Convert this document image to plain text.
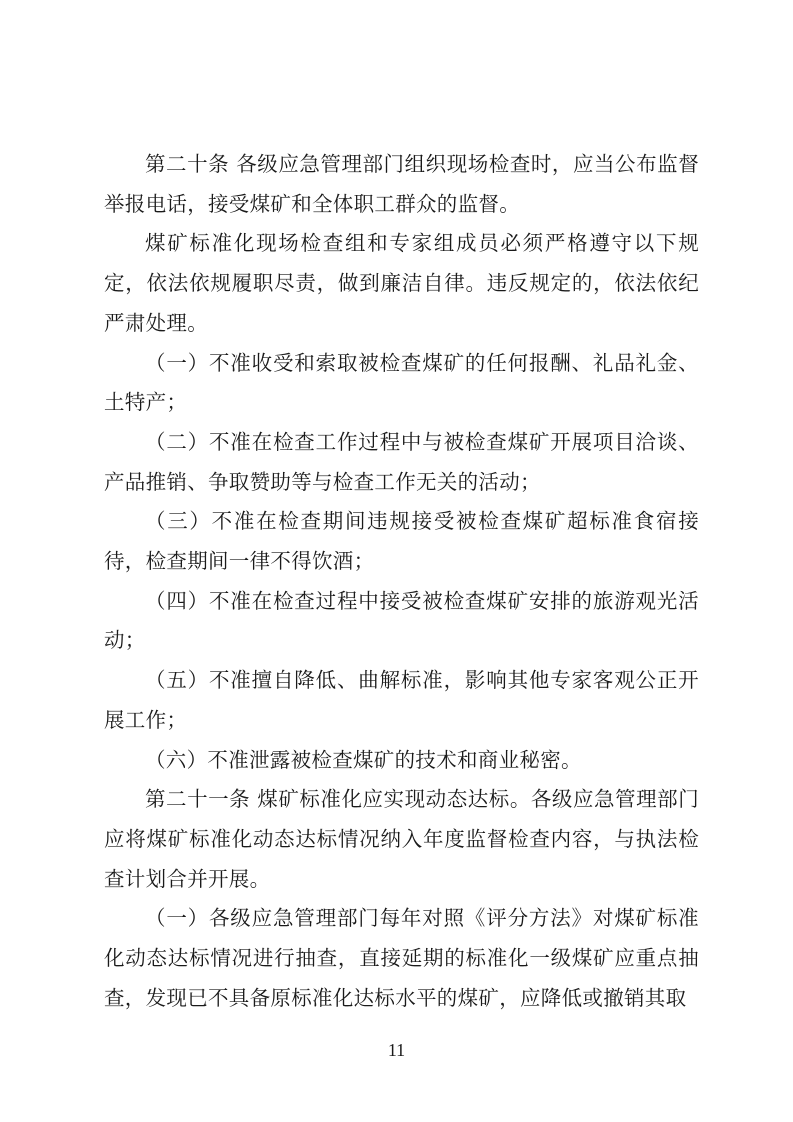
第二十条 各级应急管理部门组织现场检查时，应当公布监督举报电话，接受煤矿和全体职工群众的监督。

煤矿标准化现场检查组和专家组成员必须严格遵守以下规定，依法依规履职尽责，做到廉洁自律。违反规定的，依法依纪严肃处理。

（一）不准收受和索取被检查煤矿的任何报酬、礼品礼金、土特产；

（二）不准在检查工作过程中与被检查煤矿开展项目洽谈、产品推销、争取赞助等与检查工作无关的活动；

（三）不准在检查期间违规接受被检查煤矿超标准食宿接待，检查期间一律不得饮酒；

（四）不准在检查过程中接受被检查煤矿安排的旅游观光活动；

（五）不准擅自降低、曲解标准，影响其他专家客观公正开展工作；

（六）不准泄露被检查煤矿的技术和商业秘密。

第二十一条 煤矿标准化应实现动态达标。各级应急管理部门应将煤矿标准化动态达标情况纳入年度监督检查内容，与执法检查计划合并开展。

（一）各级应急管理部门每年对照《评分方法》对煤矿标准化动态达标情况进行抽查，直接延期的标准化一级煤矿应重点抽查，发现已不具备原标准化达标水平的煤矿，应降低或撤销其取

11
